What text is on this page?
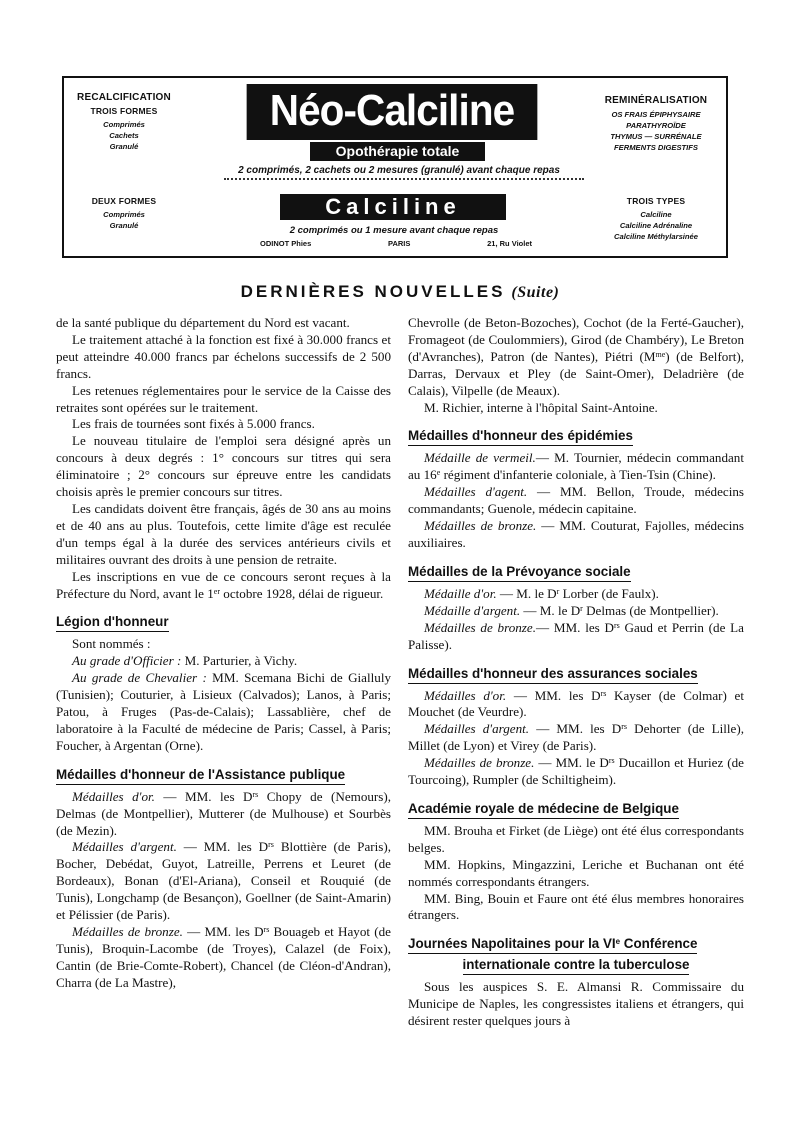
RECALCIFICATION
TROIS FORMES
Comprimés
Cachets
Granulé
DEUX FORMES
Comprimés
Granulé
REMINÉRALISATION
OS FRAIS ÉPIPHYSAIRE
PARATHYROÏDE
THYMUS — SURRÉNALE
FERMENTS DIGESTIFS
TROIS TYPES
Calciline
Calciline Adrénaline
Calciline Méthylarsinée
Néo-Calciline
Opothérapie totale
2 comprimés, 2 cachets ou 2 mesures (granulé) avant chaque repas
Calciline
2 comprimés ou 1 mesure avant chaque repas
ODINOT Phies	PARIS	21, Ru Violet
DERNIÈRES NOUVELLES (Suite)

de la santé publique du département du Nord est vacant.

Le traitement attaché à la fonction est fixé à 30.000 francs et peut atteindre 40.000 francs par échelons successifs de 2 500 francs.

Les retenues réglementaires pour le service de la Caisse des retraites sont opérées sur le traitement.

Les frais de tournées sont fixés à 5.000 francs.

Le nouveau titulaire de l'emploi sera désigné après un concours à deux degrés : 1° concours sur titres qui sera éliminatoire ; 2° concours sur épreuve entre les candidats choisis après le premier concours sur titres.

Les candidats doivent être français, âgés de 30 ans au moins et de 40 ans au plus. Toutefois, cette limite d'âge est reculée d'un temps égal à la durée des services antérieurs civils et militaires ouvrant des droits à une pension de retraite.

Les inscriptions en vue de ce concours seront reçues à la Préfecture du Nord, avant le 1er octobre 1928, délai de rigueur.

Légion d'honneur

Sont nommés :

Au grade d'Officier : M. Parturier, à Vichy.

Au grade de Chevalier : MM. Scemana Bichi de Gialluly (Tunisien); Couturier, à Lisieux (Calvados); Lanos, à Paris; Patou, à Fruges (Pas-de-Calais); Lassablière, chef de laboratoire à la Faculté de médecine de Paris; Cassel, à Paris; Foucher, à Argentan (Orne).

Médailles d'honneur de l'Assistance publique

Médailles d'or. — MM. les $D^{rs}$ Chopy de (Nemours), Delmas (de Montpellier), Mutterer (de Mulhouse) et Sourbès (de Mezin).

Médailles d'argent. — MM. les $D^{rs}$ Blottière (de Paris), Bocher, Debédat, Guyot, Latreille, Perrens et Leuret (de Bordeaux), Bonan (d'El-Ariana), Conseil et Rouquié (de Tunis), Longchamp (de Besançon), Goellner (de Saint-Amarin) et Pélissier (de Paris).

Médailles de bronze. — MM. les $D^{rs}$ Bouageb et Hayot (de Tunis), Broquin-Lacombe (de Troyes), Calazel (de Foix), Cantin (de Brie-Comte-Robert), Chancel (de Cléon-d'Andran), Charra (de La Mastre),

Chevrolle (de Beton-Bozoches), Cochot (de la Ferté-Gaucher), Fromageot (de Coulommiers), Girod (de Chambéry), Le Breton (d'Avranches), Patron (de Nantes), Piétri $(M^{me})$ (de Belfort), Darras, Dervaux et Pley (de Saint-Omer), Deladrière (de Calais), Vilpelle (de Meaux).

M. Richier, interne à l'hôpital Saint-Antoine.

Médailles d'honneur des épidémies

Médaille de vermeil.— M. Tournier, médecin commandant au 16e régiment d'infanterie coloniale, à Tien-Tsin (Chine).

Médailles d'agent. — MM. Bellon, Troude, médecins commandants; Guenole, médecin capitaine.

Médailles de bronze. — MM. Couturat, Fajolles, médecins auxiliaires.

Médailles de la Prévoyance sociale

Médaille d'or. — M. le $D^r$ Lorber (de Faulx).

Médaille d'argent. — M. le $D^r$ Delmas (de Montpellier).

Médailles de bronze.— MM. les $D^{rs}$ Gaud et Perrin (de La Palisse).

Médailles d'honneur des assurances sociales

Médailles d'or. — MM. les $D^{rs}$ Kayser (de Colmar) et Mouchet (de Veurdre).

Médailles d'argent. — MM. les $D^{rs}$ Dehorter (de Lille), Millet (de Lyon) et Virey (de Paris).

Médailles de bronze. — MM. le $D^{rs}$ Ducaillon et Huriez (de Tourcoing), Rumpler (de Schiltigheim).

Académie royale de médecine de Belgique

MM. Brouha et Firket (de Liège) ont été élus correspondants belges.

MM. Hopkins, Mingazzini, Leriche et Buchanan ont été nommés correspondants étrangers.

MM. Bing, Bouin et Faure ont été élus membres honoraires étrangers.

Journées Napolitaines pour la VIe Conférence
internationale contre la tuberculose

Sous les auspices S. E. Almansi R. Commissaire du Municipe de Naples, les congressistes italiens et étrangers, qui désirent rester quelques jours à
